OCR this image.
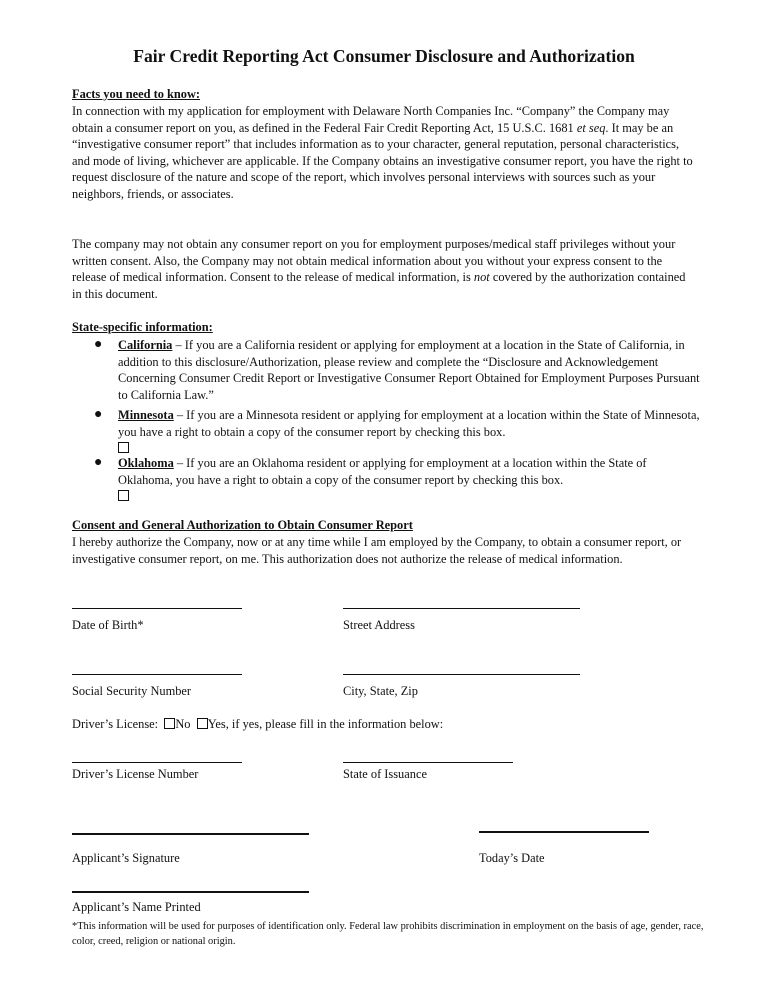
Fair Credit Reporting Act Consumer Disclosure and Authorization
Facts you need to know:
In connection with my application for employment with Delaware North Companies Inc. “Company” the Company may obtain a consumer report on you, as defined in the Federal Fair Credit Reporting Act, 15 U.S.C. 1681 et seq. It may be an “investigative consumer report” that includes information as to your character, general reputation, personal characteristics, and mode of living, whichever are applicable. If the Company obtains an investigative consumer report, you have the right to request disclosure of the nature and scope of the report, which involves personal interviews with sources such as your neighbors, friends, or associates.
The company may not obtain any consumer report on you for employment purposes/medical staff privileges without your written consent. Also, the Company may not obtain medical information about you without your express consent to the release of medical information. Consent to the release of medical information, is not covered by the authorization contained in this document.
State-specific information:
● California – If you are a California resident or applying for employment at a location in the State of California, in addition to this disclosure/Authorization, please review and complete the “Disclosure and Acknowledgement Concerning Consumer Credit Report or Investigative Consumer Report Obtained for Employment Purposes Pursuant to California Law.”
● Minnesota – If you are a Minnesota resident or applying for employment at a location within the State of Minnesota, you have a right to obtain a copy of the consumer report by checking this box.

● Oklahoma – If you are an Oklahoma resident or applying for employment at a location within the State of Oklahoma, you have a right to obtain a copy of the consumer report by checking this box.

Consent and General Authorization to Obtain Consumer Report
I hereby authorize the Company, now or at any time while I am employed by the Company, to obtain a consumer report, or investigative consumer report, on me. This authorization does not authorize the release of medical information.
Date of Birth*	Street Address
Social Security Number	City, State, Zip
Driver’s License: No Yes, if yes, please fill in the information below:
Driver’s License Number	State of Issuance
Applicant’s Signature	Today’s Date
Applicant’s Name Printed
*This information will be used for purposes of identification only. Federal law prohibits discrimination in employment on the basis of age, gender, race, color, creed, religion or national origin.
